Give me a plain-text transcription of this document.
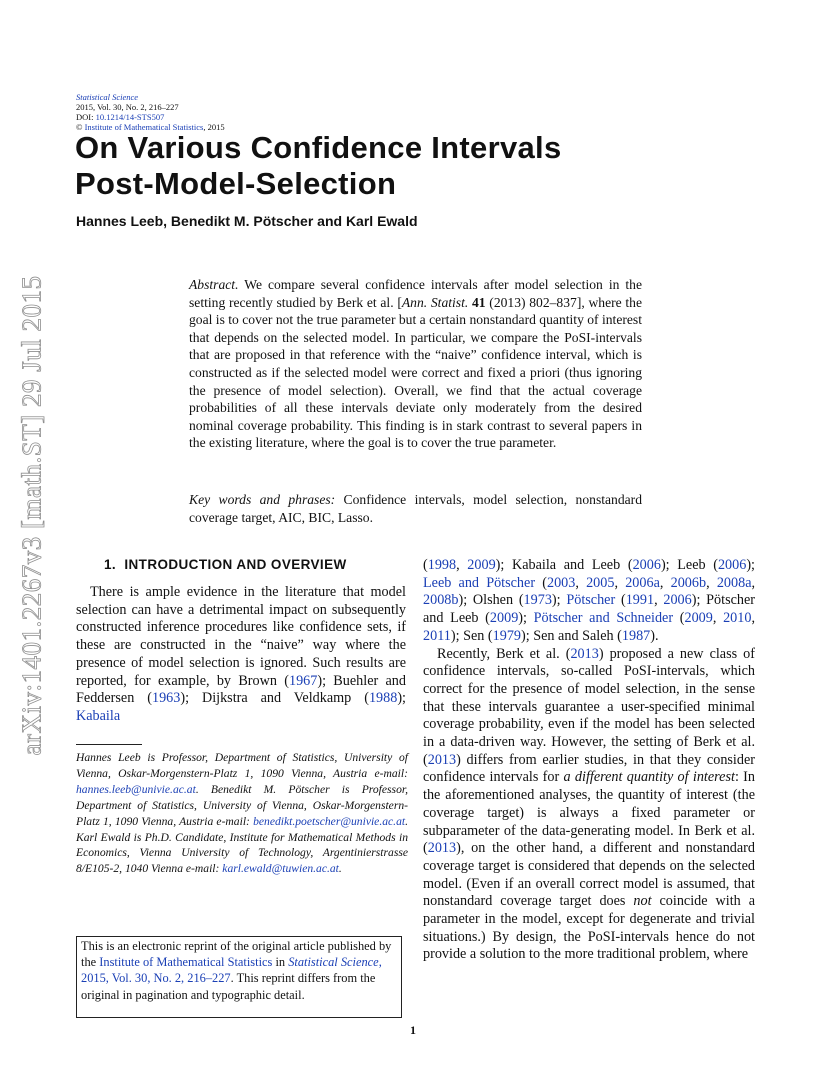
arXiv:1401.2267v3 [math.ST] 29 Jul 2015
Statistical Science
2015, Vol. 30, No. 2, 216–227
DOI: 10.1214/14-STS507
© Institute of Mathematical Statistics, 2015
On Various Confidence Intervals
Post-Model-Selection
Hannes Leeb, Benedikt M. Pötscher and Karl Ewald

Abstract. We compare several confidence intervals after model selection in the setting recently studied by Berk et al. [Ann. Statist. 41 (2013) 802–837], where the goal is to cover not the true parameter but a certain nonstandard quantity of interest that depends on the selected model. In particular, we compare the PoSI-intervals that are proposed in that reference with the “naive” confidence interval, which is constructed as if the selected model were correct and fixed a priori (thus ignoring the presence of model selection). Overall, we find that the actual coverage probabilities of all these intervals deviate only moderately from the desired nominal coverage probability. This finding is in stark contrast to several papers in the existing literature, where the goal is to cover the true parameter.

Key words and phrases: Confidence intervals, model selection, nonstandard coverage target, AIC, BIC, Lasso.

1. INTRODUCTION AND OVERVIEW

There is ample evidence in the literature that model selection can have a detrimental impact on subsequently constructed inference procedures like confidence sets, if these are constructed in the “naive” way where the presence of model selection is ignored. Such results are reported, for example, by Brown (1967); Buehler and Feddersen (1963); Dijkstra and Veldkamp (1988); Kabaila

Hannes Leeb is Professor, Department of Statistics, University of Vienna, Oskar-Morgenstern-Platz 1, 1090 Vienna, Austria e-mail: hannes.leeb@univie.ac.at. Benedikt M. Pötscher is Professor, Department of Statistics, University of Vienna, Oskar-Morgenstern-Platz 1, 1090 Vienna, Austria e-mail: benedikt.poetscher@univie.ac.at. Karl Ewald is Ph.D. Candidate, Institute for Mathematical Methods in Economics, Vienna University of Technology, Argentinierstrasse 8/E105-2, 1040 Vienna e-mail: karl.ewald@tuwien.ac.at.

This is an electronic reprint of the original article published by the Institute of Mathematical Statistics in Statistical Science, 2015, Vol. 30, No. 2, 216–227. This reprint differs from the original in pagination and typographic detail.

(1998, 2009); Kabaila and Leeb (2006); Leeb (2006); Leeb and Pötscher (2003, 2005, 2006a, 2006b, 2008a, 2008b); Olshen (1973); Pötscher (1991, 2006); Pötscher and Leeb (2009); Pötscher and Schneider (2009, 2010, 2011); Sen (1979); Sen and Saleh (1987).

Recently, Berk et al. (2013) proposed a new class of confidence intervals, so-called PoSI-intervals, which correct for the presence of model selection, in the sense that these intervals guarantee a user-specified minimal coverage probability, even if the model has been selected in a data-driven way. However, the setting of Berk et al. (2013) differs from earlier studies, in that they consider confidence intervals for a different quantity of interest: In the aforementioned analyses, the quantity of interest (the coverage target) is always a fixed parameter or subparameter of the data-generating model. In Berk et al. (2013), on the other hand, a different and nonstandard coverage target is considered that depends on the selected model. (Even if an overall correct model is assumed, that nonstandard coverage target does not coincide with a parameter in the model, except for degenerate and trivial situations.) By design, the PoSI-intervals hence do not provide a solution to the more traditional problem, where

1
